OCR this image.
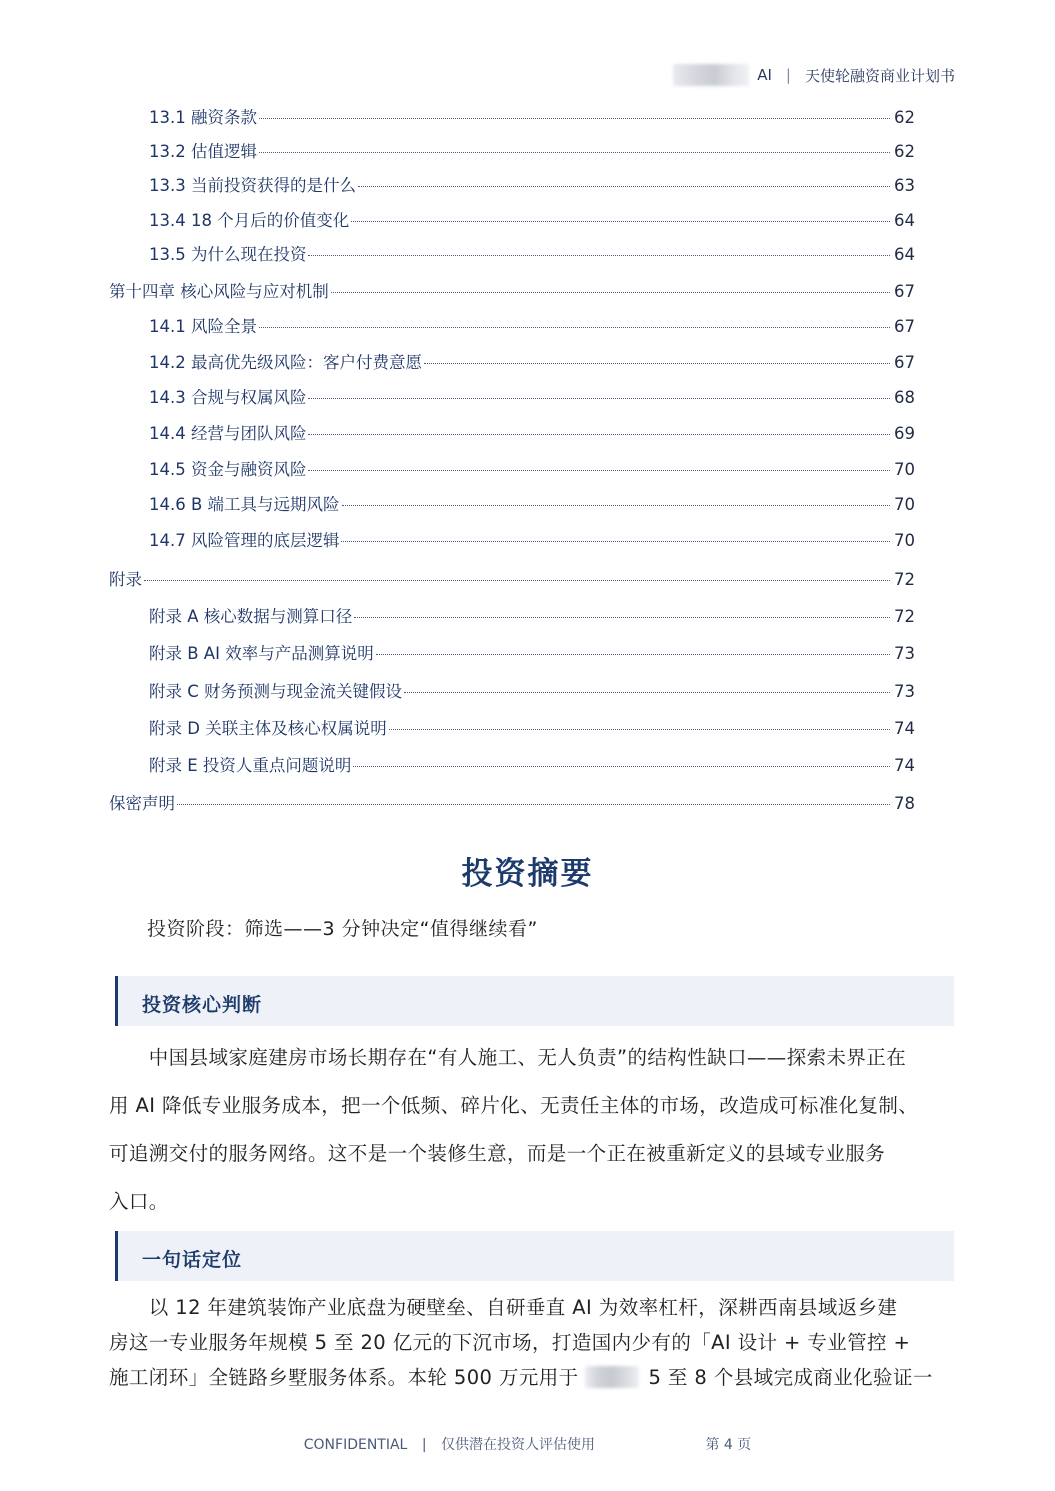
AI | 天使轮融资商业计划书
13.1 融资条款	62
13.2 估值逻辑	62
13.3 当前投资获得的是什么	63
13.4 18 个月后的价值变化	64
13.5 为什么现在投资	64
第十四章 核心风险与应对机制	67
14.1 风险全景	67
14.2 最高优先级风险：客户付费意愿	67
14.3 合规与权属风险	68
14.4 经营与团队风险	69
14.5 资金与融资风险	70
14.6 B 端工具与远期风险	70
14.7 风险管理的底层逻辑	70
附录	72
附录 A 核心数据与测算口径	72
附录 B AI 效率与产品测算说明	73
附录 C 财务预测与现金流关键假设	73
附录 D 关联主体及核心权属说明	74
附录 E 投资人重点问题说明	74
保密声明	78
投资摘要
投资阶段：筛选——3 分钟决定“值得继续看”
投资核心判断
　　中国县域家庭建房市场长期存在“有人施工、无人负责”的结构性缺口——探索未界正在
用 AI 降低专业服务成本，把一个低频、碎片化、无责任主体的市场，改造成可标准化复制、
可追溯交付的服务网络。这不是一个装修生意，而是一个正在被重新定义的县域专业服务
入口。
一句话定位
　　以 12 年建筑装饰产业底盘为硬壁垒、自研垂直 AI 为效率杠杆，深耕西南县域返乡建
房这一专业服务年规模 5 至 20 亿元的下沉市场，打造国内少有的「AI 设计 + 专业管控 +
施工闭环」全链路乡墅服务体系。本轮 500 万元用于	5 至 8 个县域完成商业化验证一
CONFIDENTIAL | 仅供潜在投资人评估使用	第 4 页
